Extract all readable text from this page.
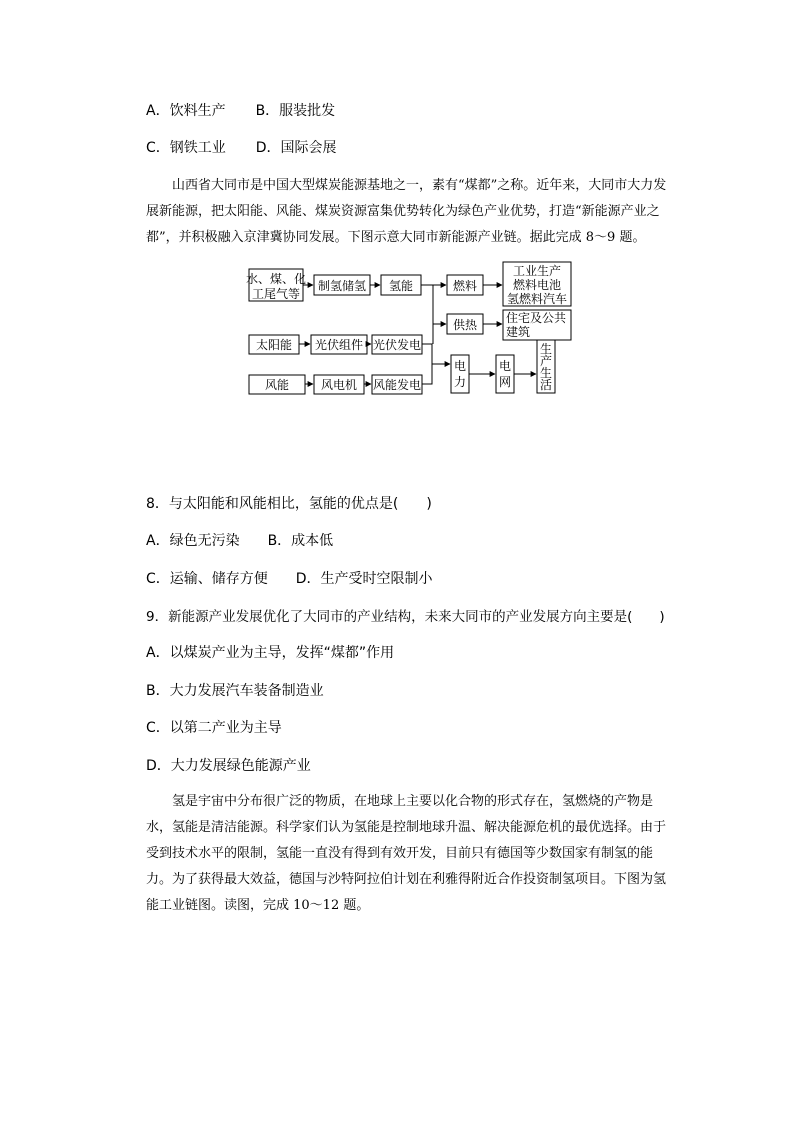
A．饮料生产 B．服装批发
C．钢铁工业 D．国际会展
山西省大同市是中国大型煤炭能源基地之一，素有“煤都”之称。近年来，大同市大力发展新能源，把太阳能、风能、煤炭资源富集优势转化为绿色产业优势，打造“新能源产业之都”，并积极融入京津冀协同发展。下图示意大同市新能源产业链。据此完成 8～9 题。
水、煤、化
工尾气等
制氢储氢 氢能	燃料
工业生产
燃料电池
氢燃料汽车
供热 住宅及公共
建筑
太阳能 光伏组件 光伏发电
风能	风电机 风能发电
电
力
电
网
生
产
生
活
8．与太阳能和风能相比，氢能的优点是(　　)
A．绿色无污染 B．成本低
C．运输、储存方便 D．生产受时空限制小
9．新能源产业发展优化了大同市的产业结构，未来大同市的产业发展方向主要是(　　)
A．以煤炭产业为主导，发挥“煤都”作用
B．大力发展汽车装备制造业
C．以第二产业为主导
D．大力发展绿色能源产业
氢是宇宙中分布很广泛的物质，在地球上主要以化合物的形式存在，氢燃烧的产物是水，氢能是清洁能源。科学家们认为氢能是控制地球升温、解决能源危机的最优选择。由于受到技术水平的限制，氢能一直没有得到有效开发，目前只有德国等少数国家有制氢的能力。为了获得最大效益，德国与沙特阿拉伯计划在利雅得附近合作投资制氢项目。下图为氢能工业链图。读图，完成 10～12 题。
